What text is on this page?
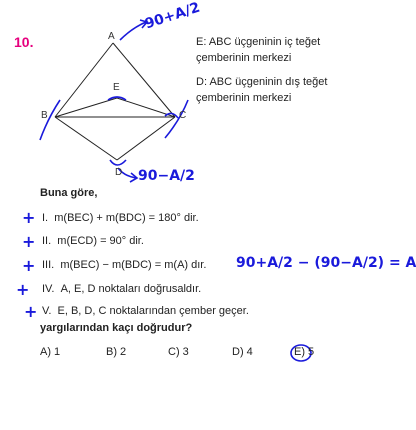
10.	E: ABC üçgeninin iç teğet
çemberinin merkezi
D: ABC üçgeninin dış teğet
çemberinin merkezi
A
B	C
E
D
90+A/2
90−A/2
90+A/2 − (90−A/2) = A
Buna göre,
+
+
+
+
+
I. m(BEC) + m(BDC) = 180° dir.
II. m(ECD) = 90° dir.
III. m(BEC) − m(BDC) = m(A) dır.
IV. A, E, D noktaları doğrusaldır.
V. E, B, D, C noktalarından çember geçer.
yargılarından kaçı doğrudur?
A) 1	B) 2	C) 3	D) 4	E) 5
